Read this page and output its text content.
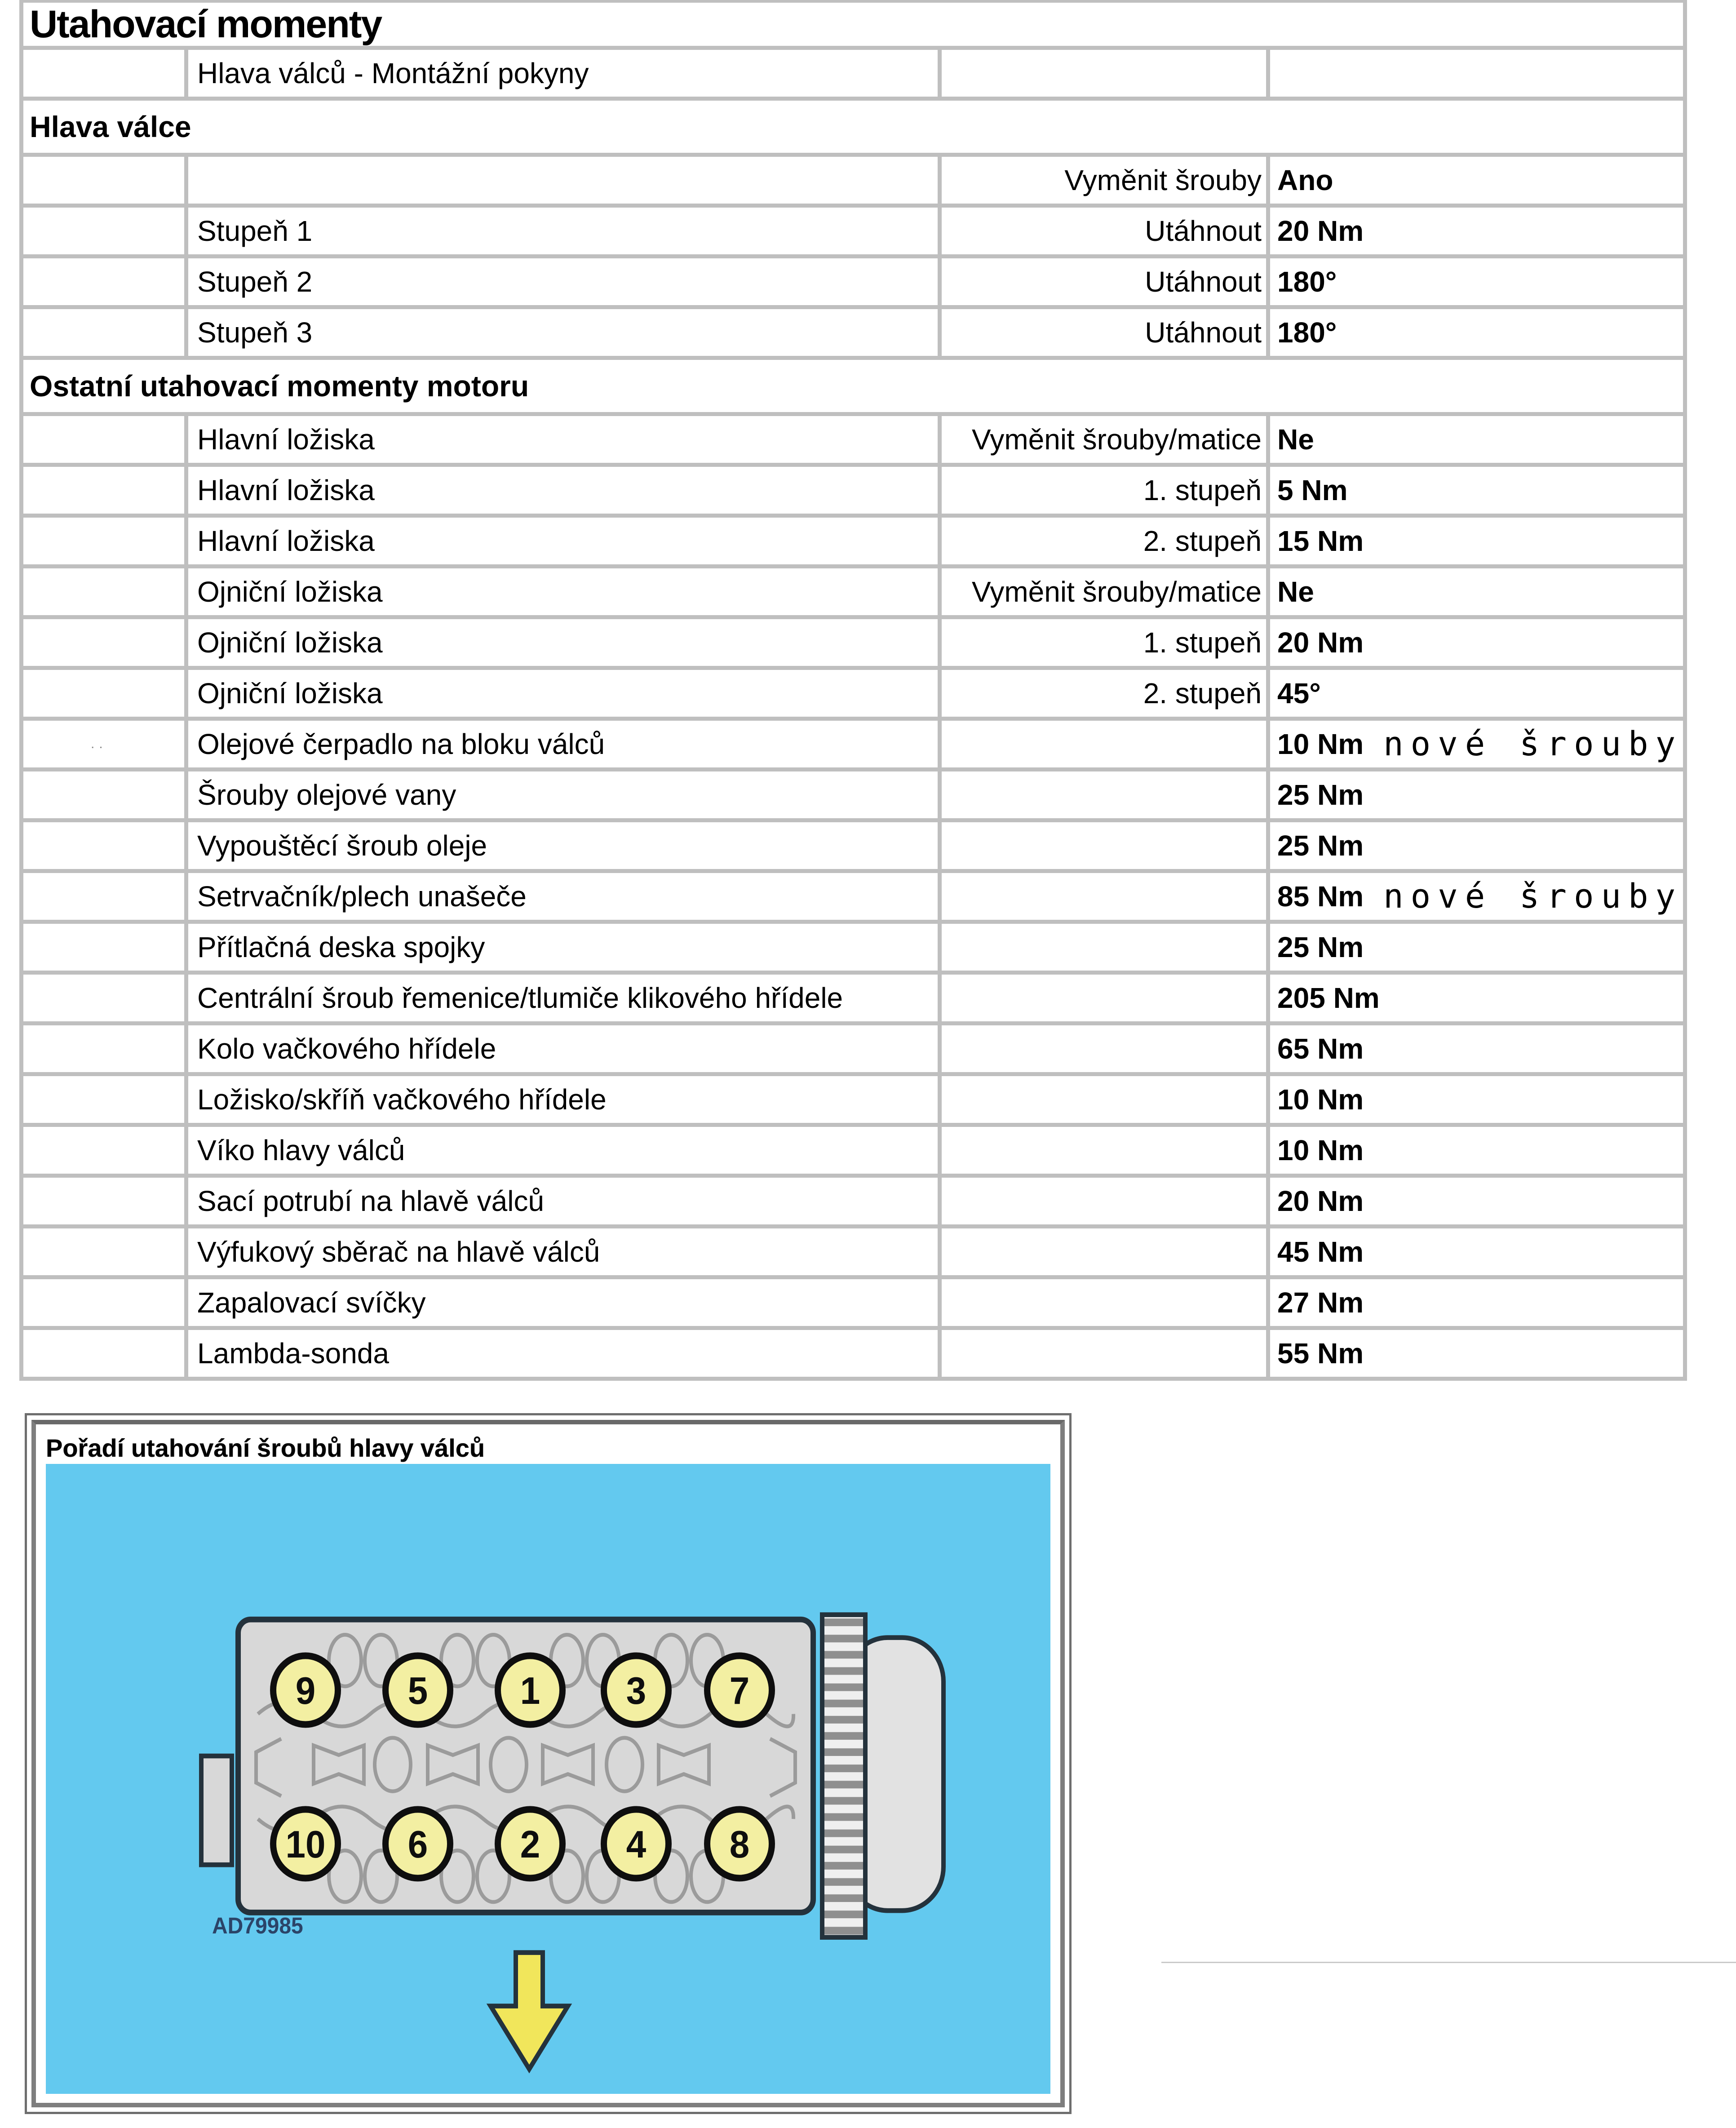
Utahovací momenty
Hlava válců - Montážní pokyny
Hlava válce
Vyměnit šrouby Ano
Stupeň 1	Utáhnout 20 Nm
Stupeň 2	Utáhnout 180°
Stupeň 3	Utáhnout 180°
Ostatní utahovací momenty motoru
Hlavní ložiska	Vyměnit šrouby/matice Ne
Hlavní ložiska	1. stupeň 5 Nm
Hlavní ložiska	2. stupeň 15 Nm
Ojniční ložiska	Vyměnit šrouby/matice Ne
Ojniční ložiska	1. stupeň 20 Nm
Ojniční ložiska	2. stupeň 45°
..	Olejové čerpadlo na bloku válců	10 Nm nové šrouby
Šrouby olejové vany	25 Nm
Vypouštěcí šroub oleje	25 Nm
Setrvačník/plech unašeče	85 Nm nové šrouby
Přítlačná deska spojky	25 Nm
Centrální šroub řemenice/tlumiče klikového hřídele	205 Nm
Kolo vačkového hřídele	65 Nm
Ložisko/skříň vačkového hřídele	10 Nm
Víko hlavy válců	10 Nm
Sací potrubí na hlavě válců	20 Nm
Výfukový sběrač na hlavě válců	45 Nm
Zapalovací svíčky	27 Nm
Lambda-sonda	55 Nm
Pořadí utahování šroubů hlavy válců
9	5	1	3	7
10	6	2	4	8
AD79985
